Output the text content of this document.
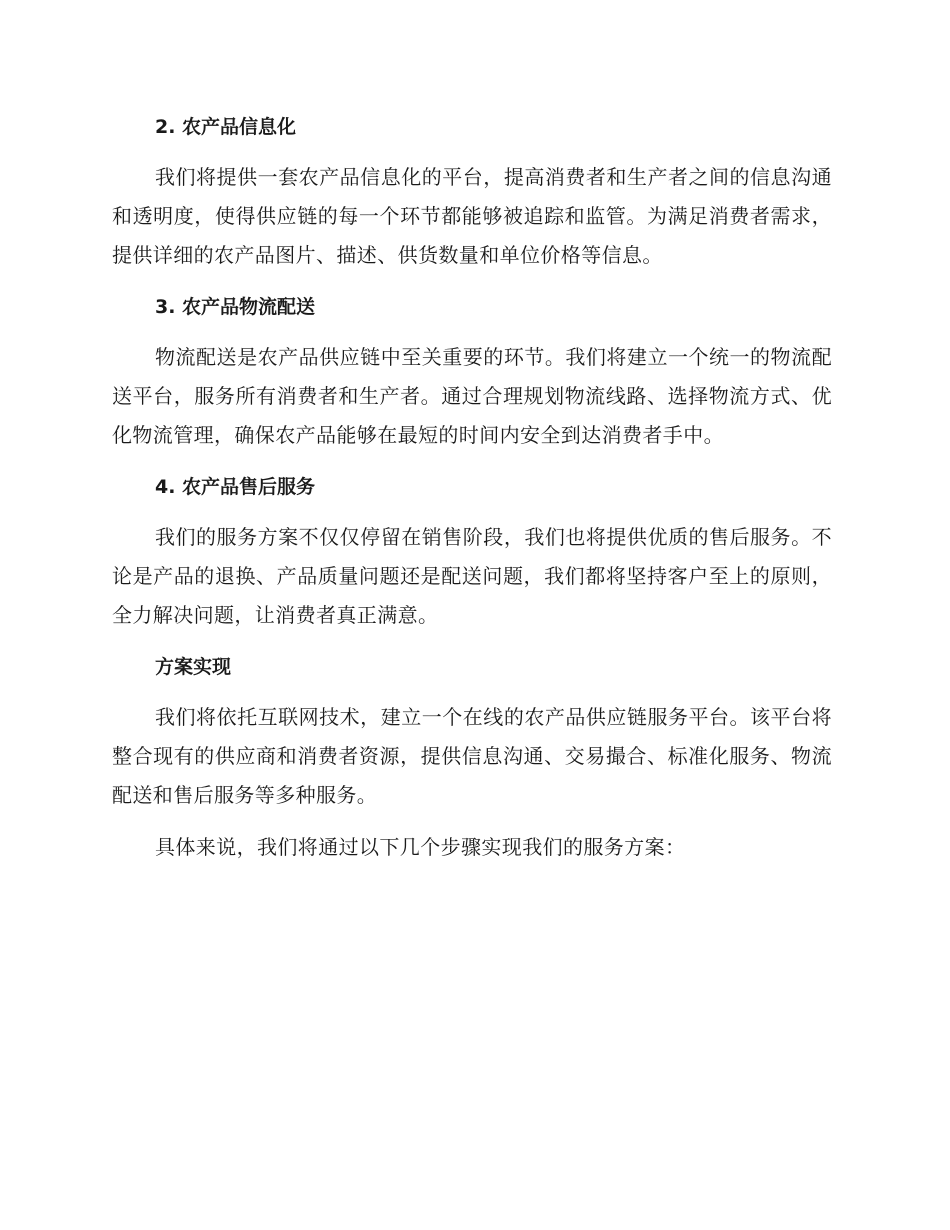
2. 农产品信息化

我们将提供一套农产品信息化的平台，提高消费者和生产者之间的信息沟通和透明度，使得供应链的每一个环节都能够被追踪和监管。为满足消费者需求，提供详细的农产品图片、描述、供货数量和单位价格等信息。

3. 农产品物流配送

物流配送是农产品供应链中至关重要的环节。我们将建立一个统一的物流配送平台，服务所有消费者和生产者。通过合理规划物流线路、选择物流方式、优化物流管理，确保农产品能够在最短的时间内安全到达消费者手中。

4. 农产品售后服务

我们的服务方案不仅仅停留在销售阶段，我们也将提供优质的售后服务。不论是产品的退换、产品质量问题还是配送问题，我们都将坚持客户至上的原则，全力解决问题，让消费者真正满意。

方案实现

我们将依托互联网技术，建立一个在线的农产品供应链服务平台。该平台将整合现有的供应商和消费者资源，提供信息沟通、交易撮合、标准化服务、物流配送和售后服务等多种服务。

具体来说，我们将通过以下几个步骤实现我们的服务方案：
